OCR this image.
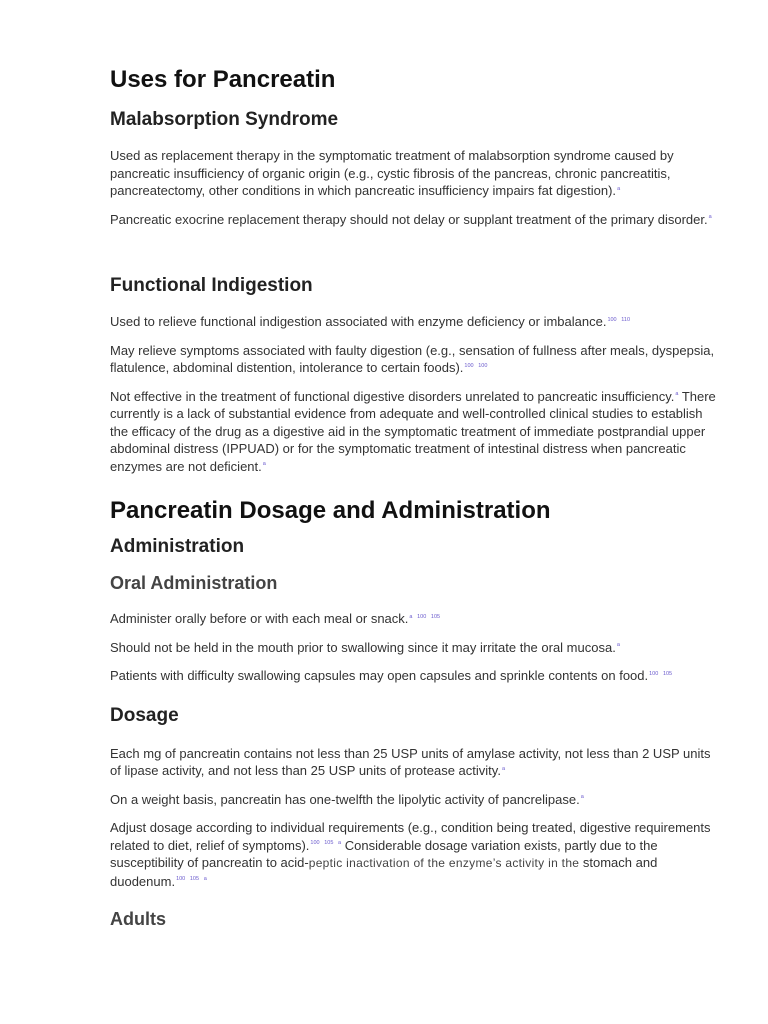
Uses for Pancreatin
Malabsorption Syndrome

Used as replacement therapy in the symptomatic treatment of malabsorption syndrome caused by pancreatic insufficiency of organic origin (e.g., cystic fibrosis of the pancreas, chronic pancreatitis, pancreatectomy, other conditions in which pancreatic insufficiency impairs fat digestion).$^a$

Pancreatic exocrine replacement therapy should not delay or supplant treatment of the primary disorder.$^a$

Functional Indigestion

Used to relieve functional indigestion associated with enzyme deficiency or imbalance.$^{100}$ $^{110}$

May relieve symptoms associated with faulty digestion (e.g., sensation of fullness after meals, dyspepsia, flatulence, abdominal distention, intolerance to certain foods).$^{100}$ $^{100}$

Not effective in the treatment of functional digestive disorders unrelated to pancreatic insufficiency.$^a$ There currently is a lack of substantial evidence from adequate and well-controlled clinical studies to establish the efficacy of the drug as a digestive aid in the symptomatic treatment of immediate postprandial upper abdominal distress (IPPUAD) or for the symptomatic treatment of intestinal distress when pancreatic enzymes are not deficient.$^a$

Pancreatin Dosage and Administration
Administration
Oral Administration

Administer orally before or with each meal or snack.$^a$ $^{100}$ $^{105}$

Should not be held in the mouth prior to swallowing since it may irritate the oral mucosa.$^a$

Patients with difficulty swallowing capsules may open capsules and sprinkle contents on food.$^{100}$ $^{105}$

Dosage

Each mg of pancreatin contains not less than 25 USP units of amylase activity, not less than 2 USP units of lipase activity, and not less than 25 USP units of protease activity.$^a$

On a weight basis, pancreatin has one-twelfth the lipolytic activity of pancrelipase.$^a$

Adjust dosage according to individual requirements (e.g., condition being treated, digestive requirements related to diet, relief of symptoms).$^{100}$ $^{105}$ $^a$ Considerable dosage variation exists, partly due to the susceptibility of pancreatin to acid-peptic inactivation of the enzyme’s activity in the stomach and duodenum.$^{100}$ $^{105}$ $^a$

Adults
